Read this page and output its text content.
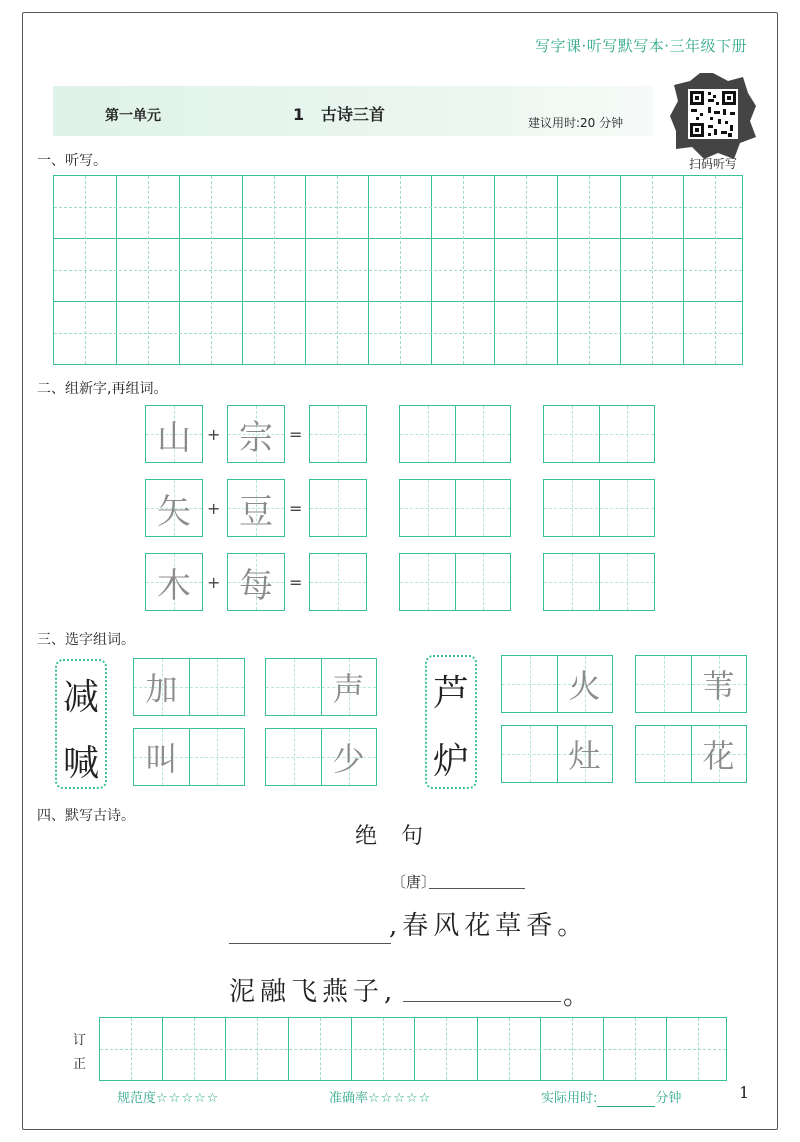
写字课·听写默写本·三年级下册
第一单元	1 古诗三首	建议用时:20 分钟
扫码听写
一、听写。
二、组新字,再组词。
山	+ 宗	=
矢	+ 豆	=
木	+ 每	=
三、选字组词。
减
喊
加	声
叫	少
芦
炉
火	苇
灶	花
四、默写古诗。
绝句
〔唐〕
,春风花草香。
泥融飞燕子,	。
订
正
规范度☆☆☆☆☆	准确率☆☆☆☆☆	实际用时:	分钟	1
